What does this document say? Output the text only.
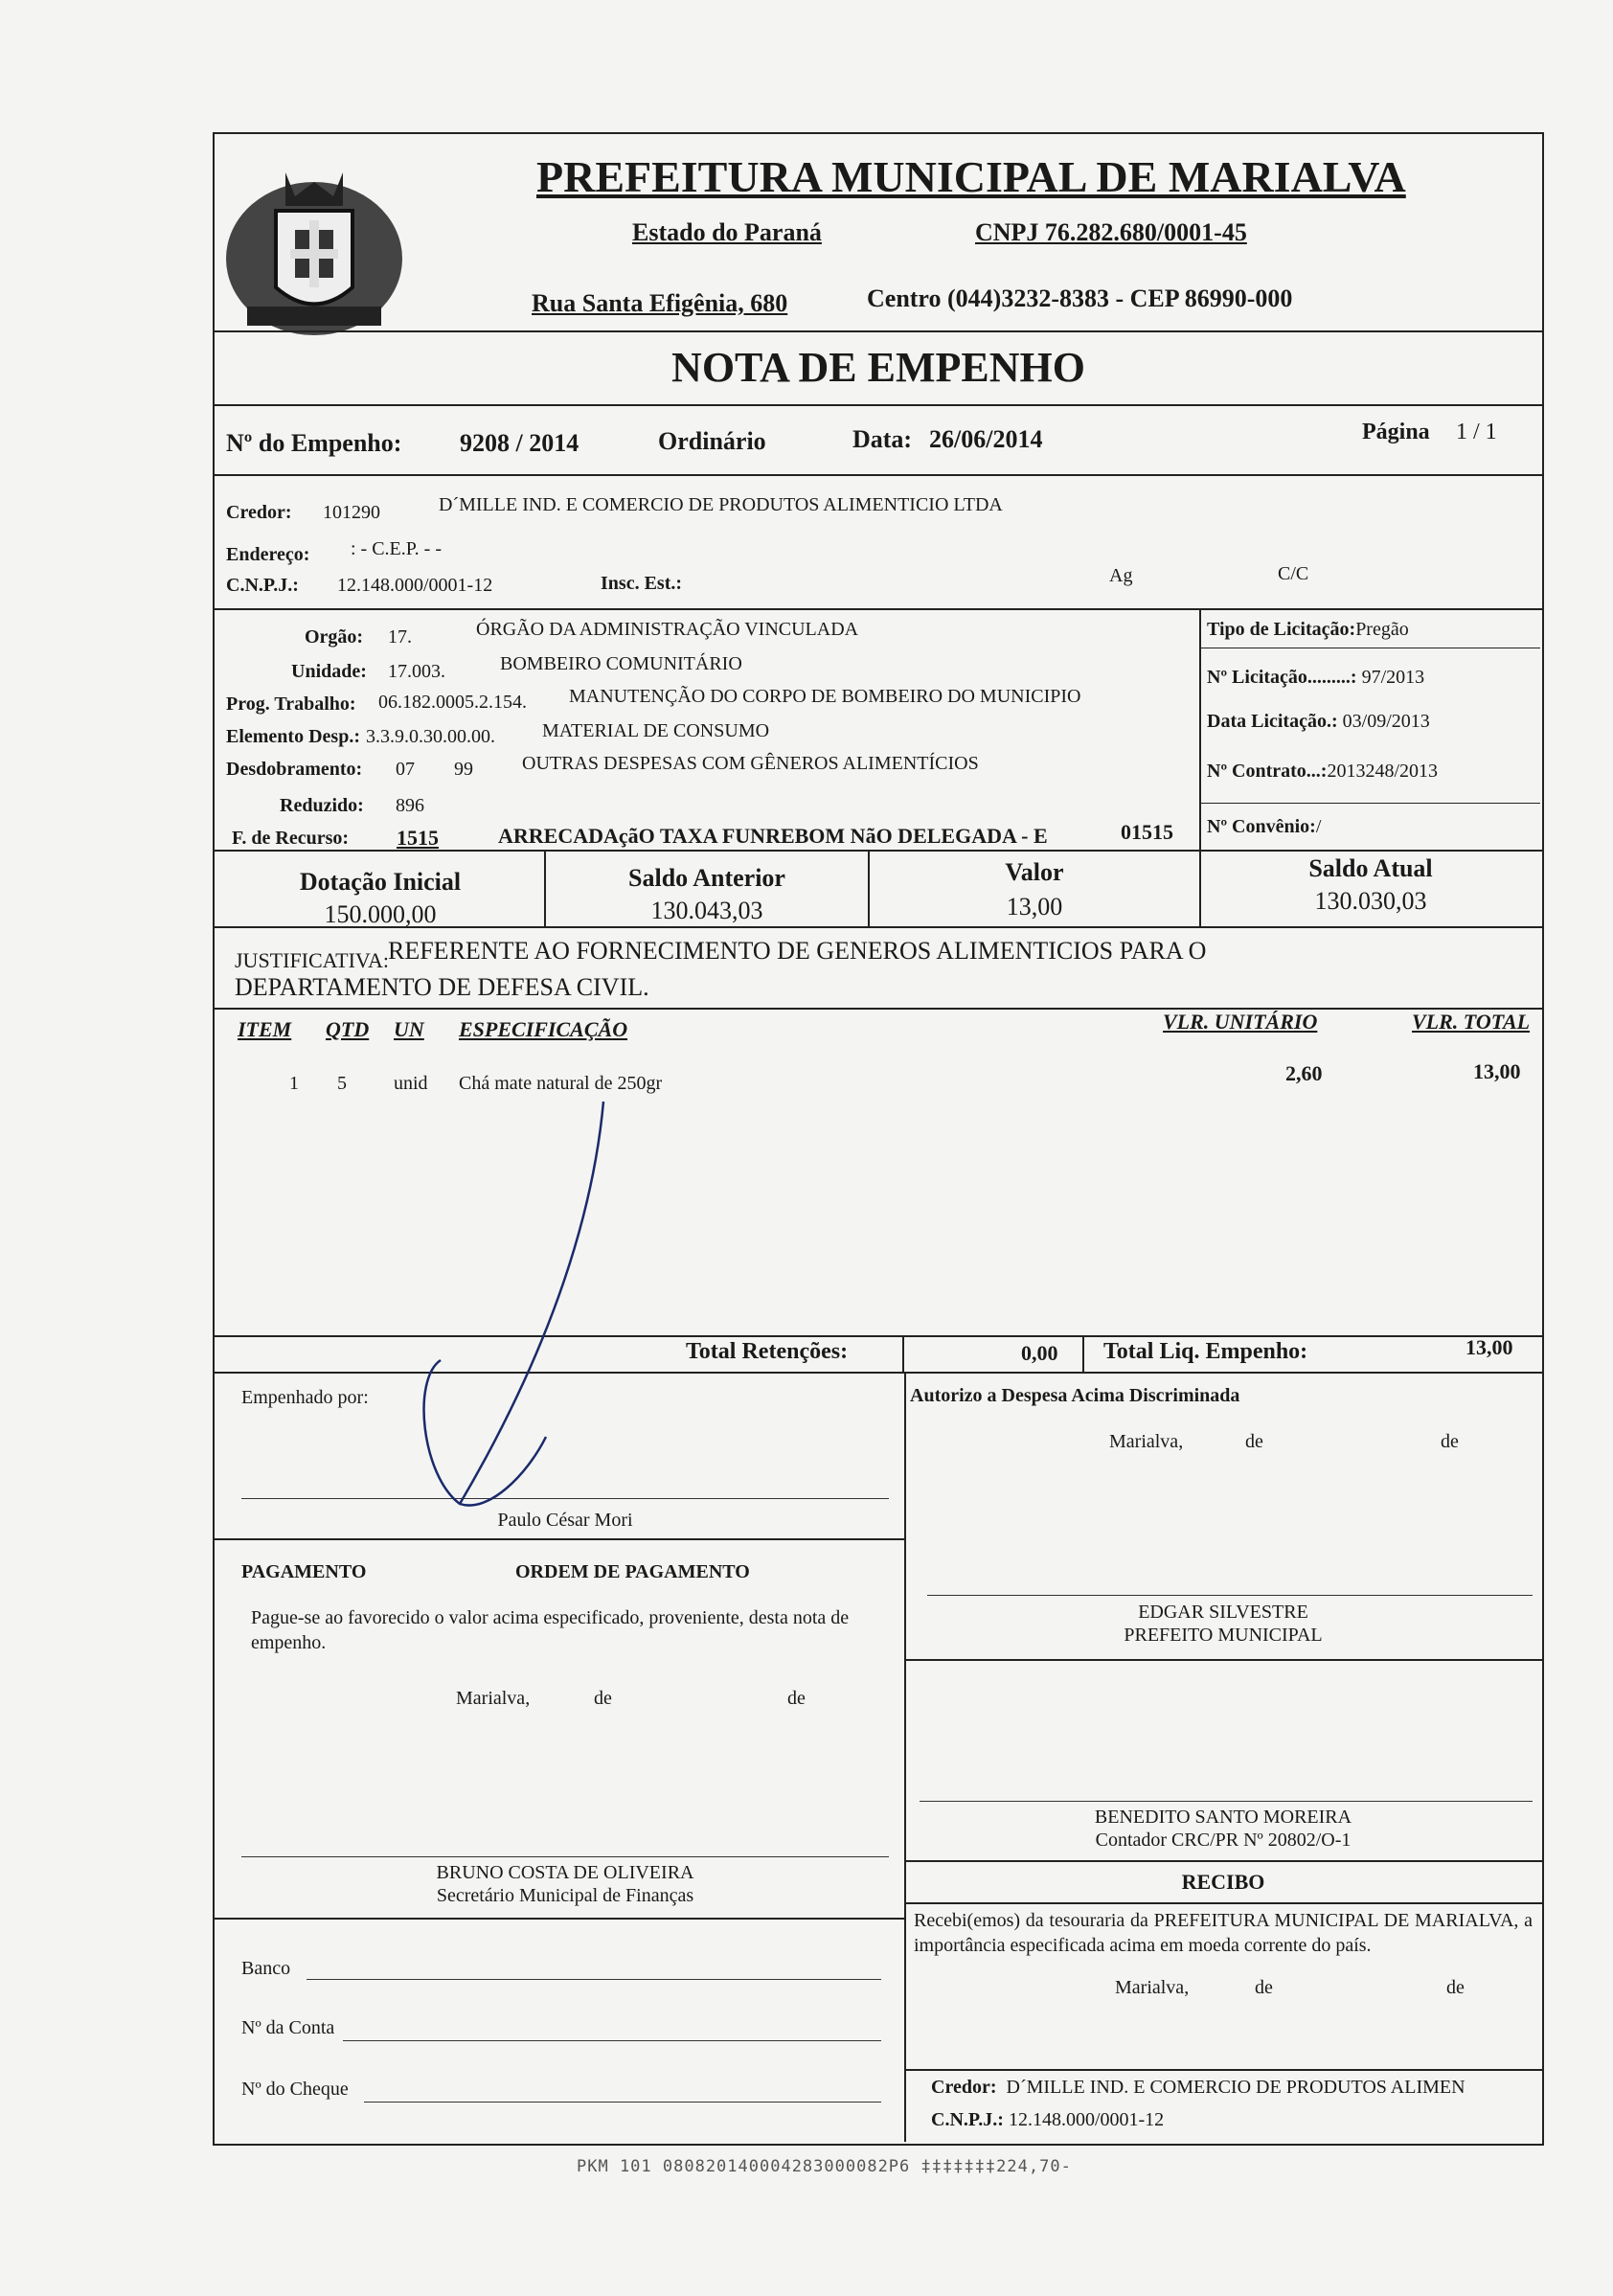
PREFEITURA MUNICIPAL DE MARIALVA
Estado do Paraná	CNPJ 76.282.680/0001-45
Rua Santa Efigênia, 680	Centro (044)3232-8383 - CEP 86990-000
NOTA DE EMPENHO
Nº do Empenho: 9208 / 2014	Ordinário	Data: 26/06/2014	Página 1 / 1
Credor: 101290	D´MILLE IND. E COMERCIO DE PRODUTOS ALIMENTICIO LTDA
Endereço: : - C.E.P. - -
C.N.P.J.: 12.148.000/0001-12	Insc. Est.:	Ag	C/C
Orgão: 17.	ÓRGÃO DA ADMINISTRAÇÃO VINCULADA
Unidade: 17.003.	BOMBEIRO COMUNITÁRIO
Prog. Trabalho: 06.182.0005.2.154. MANUTENÇÃO DO CORPO DE BOMBEIRO DO MUNICIPIO
Elemento Desp.: 3.3.9.0.30.00.00. MATERIAL DE CONSUMO
Desdobramento: 07 99	OUTRAS DESPESAS COM GÊNEROS ALIMENTÍCIOS
Reduzido: 896
F. de Recurso: 1515	ARRECADAçãO TAXA FUNREBOM NãO DELEGADA - E	01515
Tipo de Licitação:Pregão
Nº Licitação.........: 97/2013
Data Licitação.: 03/09/2013
Nº Contrato...:2013248/2013
Nº Convênio:/
Dotação Inicial
150.000,00
Saldo Anterior
130.043,03
Valor
13,00
Saldo Atual
130.030,03
JUSTIFICATIVA: REFERENTE AO FORNECIMENTO DE GENEROS ALIMENTICIOS PARA O
DEPARTAMENTO DE DEFESA CIVIL.
ITEM QTD UN ESPECIFICAÇÃO	VLR. UNITÁRIO	VLR. TOTAL
1 5 unid Chá mate natural de 250gr	2,60	13,00
Total Retenções:	0,00 Total Liq. Empenho:	13,00
Empenhado por:
Paulo César Mori
Autorizo a Despesa Acima Discriminada
Marialva,	de	de
EDGAR SILVESTRE
PREFEITO MUNICIPAL
PAGAMENTO	ORDEM DE PAGAMENTO
Pague-se ao favorecido o valor acima especificado, proveniente, desta nota de empenho.
Marialva,	de	de
BENEDITO SANTO MOREIRA
Contador CRC/PR Nº 20802/O-1
BRUNO COSTA DE OLIVEIRA
Secretário Municipal de Finanças
RECIBO
Recebi(emos) da tesouraria da PREFEITURA MUNICIPAL DE MARIALVA, a importância especificada acima em moeda corrente do país.
Marialva,	de	de
Banco
Nº da Conta
Nº do Cheque	Credor: D´MILLE IND. E COMERCIO DE PRODUTOS ALIMEN
C.N.P.J.: 12.148.000/0001-12
PKM 101 080820140004283000082P6 ‡‡‡‡‡‡‡224,70-
